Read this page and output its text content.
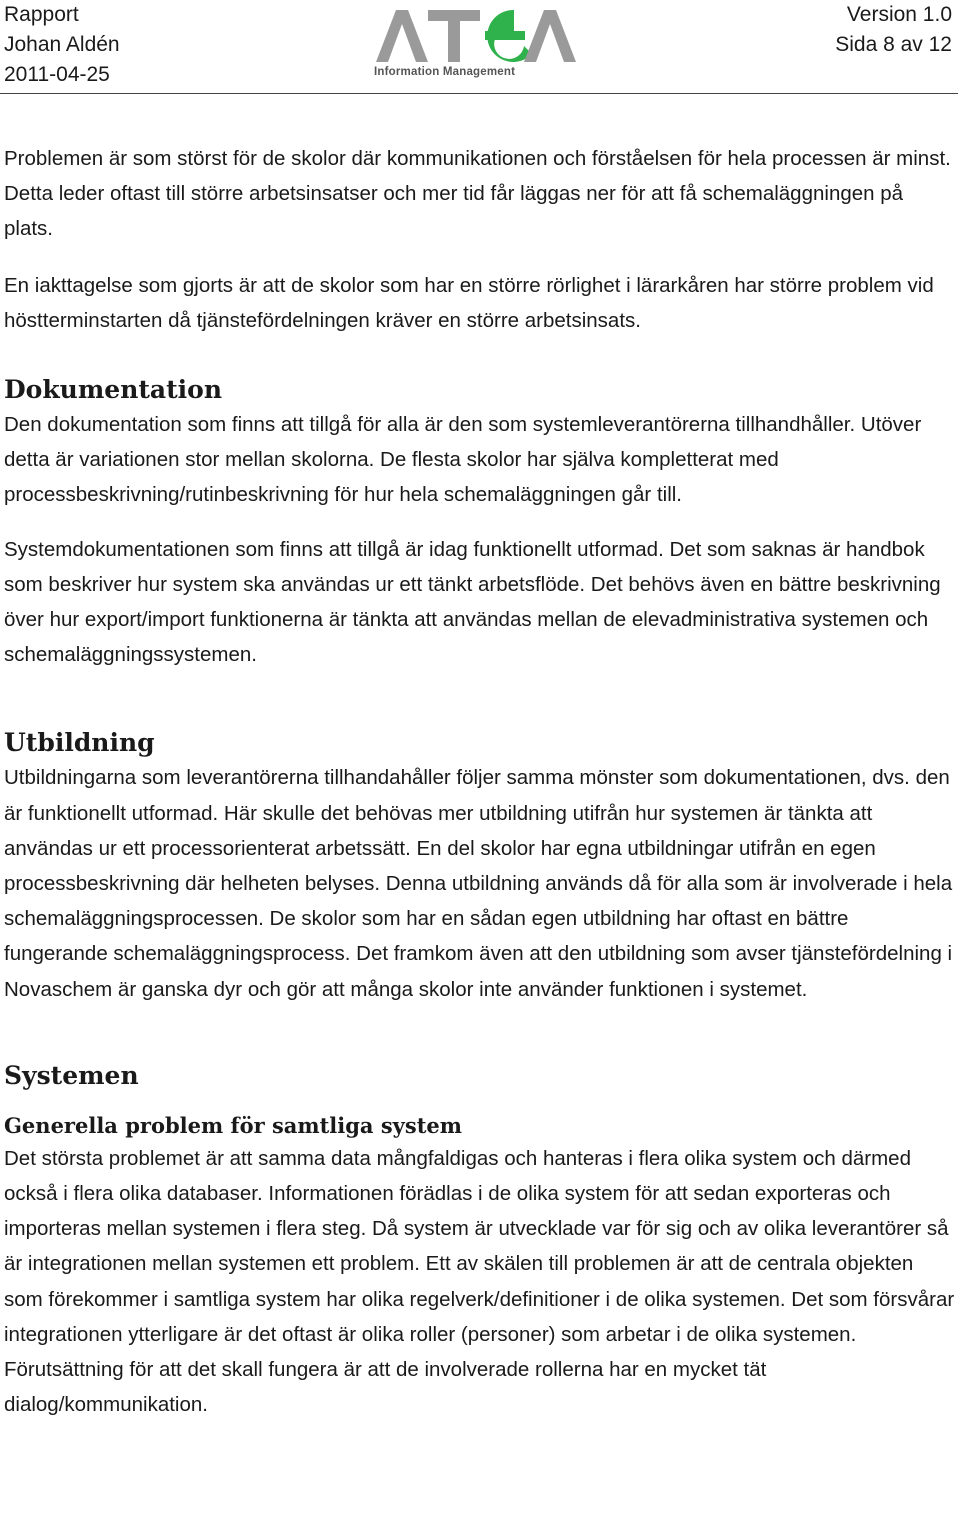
Rapport
Johan Aldén
2011-04-25	Information Management
Version 1.0
Sida 8 av 12

Problemen är som störst för de skolor där kommunikationen och förståelsen för hela processen är minst. Detta leder oftast till större arbetsinsatser och mer tid får läggas ner för att få schemaläggningen på plats.

En iakttagelse som gjorts är att de skolor som har en större rörlighet i lärarkåren har större problem vid höstterminstarten då tjänstefördelningen kräver en större arbetsinsats.

Dokumentation

Den dokumentation som finns att tillgå för alla är den som systemleverantörerna tillhandhåller. Utöver detta är variationen stor mellan skolorna. De flesta skolor har själva kompletterat med processbeskrivning/rutinbeskrivning för hur hela schemaläggningen går till.

Systemdokumentationen som finns att tillgå är idag funktionellt utformad. Det som saknas är handbok som beskriver hur system ska användas ur ett tänkt arbetsflöde. Det behövs även en bättre beskrivning över hur export/import funktionerna är tänkta att användas mellan de elevadministrativa systemen och schemaläggningssystemen.

Utbildning

Utbildningarna som leverantörerna tillhandahåller följer samma mönster som dokumentationen, dvs. den är funktionellt utformad. Här skulle det behövas mer utbildning utifrån hur systemen är tänkta att användas ur ett processorienterat arbetssätt. En del skolor har egna utbildningar utifrån en egen processbeskrivning där helheten belyses. Denna utbildning används då för alla som är involverade i hela schemaläggningsprocessen. De skolor som har en sådan egen utbildning har oftast en bättre fungerande schemaläggningsprocess. Det framkom även att den utbildning som avser tjänstefördelning i Novaschem är ganska dyr och gör att många skolor inte använder funktionen i systemet.

Systemen
Generella problem för samtliga system

Det största problemet är att samma data mångfaldigas och hanteras i flera olika system och därmed också i flera olika databaser. Informationen förädlas i de olika system för att sedan exporteras och importeras mellan systemen i flera steg. Då system är utvecklade var för sig och av olika leverantörer så är integrationen mellan systemen ett problem. Ett av skälen till problemen är att de centrala objekten som förekommer i samtliga system har olika regelverk/definitioner i de olika systemen. Det som försvårar integrationen ytterligare är det oftast är olika roller (personer) som arbetar i de olika systemen. Förutsättning för att det skall fungera är att de involverade rollerna har en mycket tät dialog/kommunikation.
